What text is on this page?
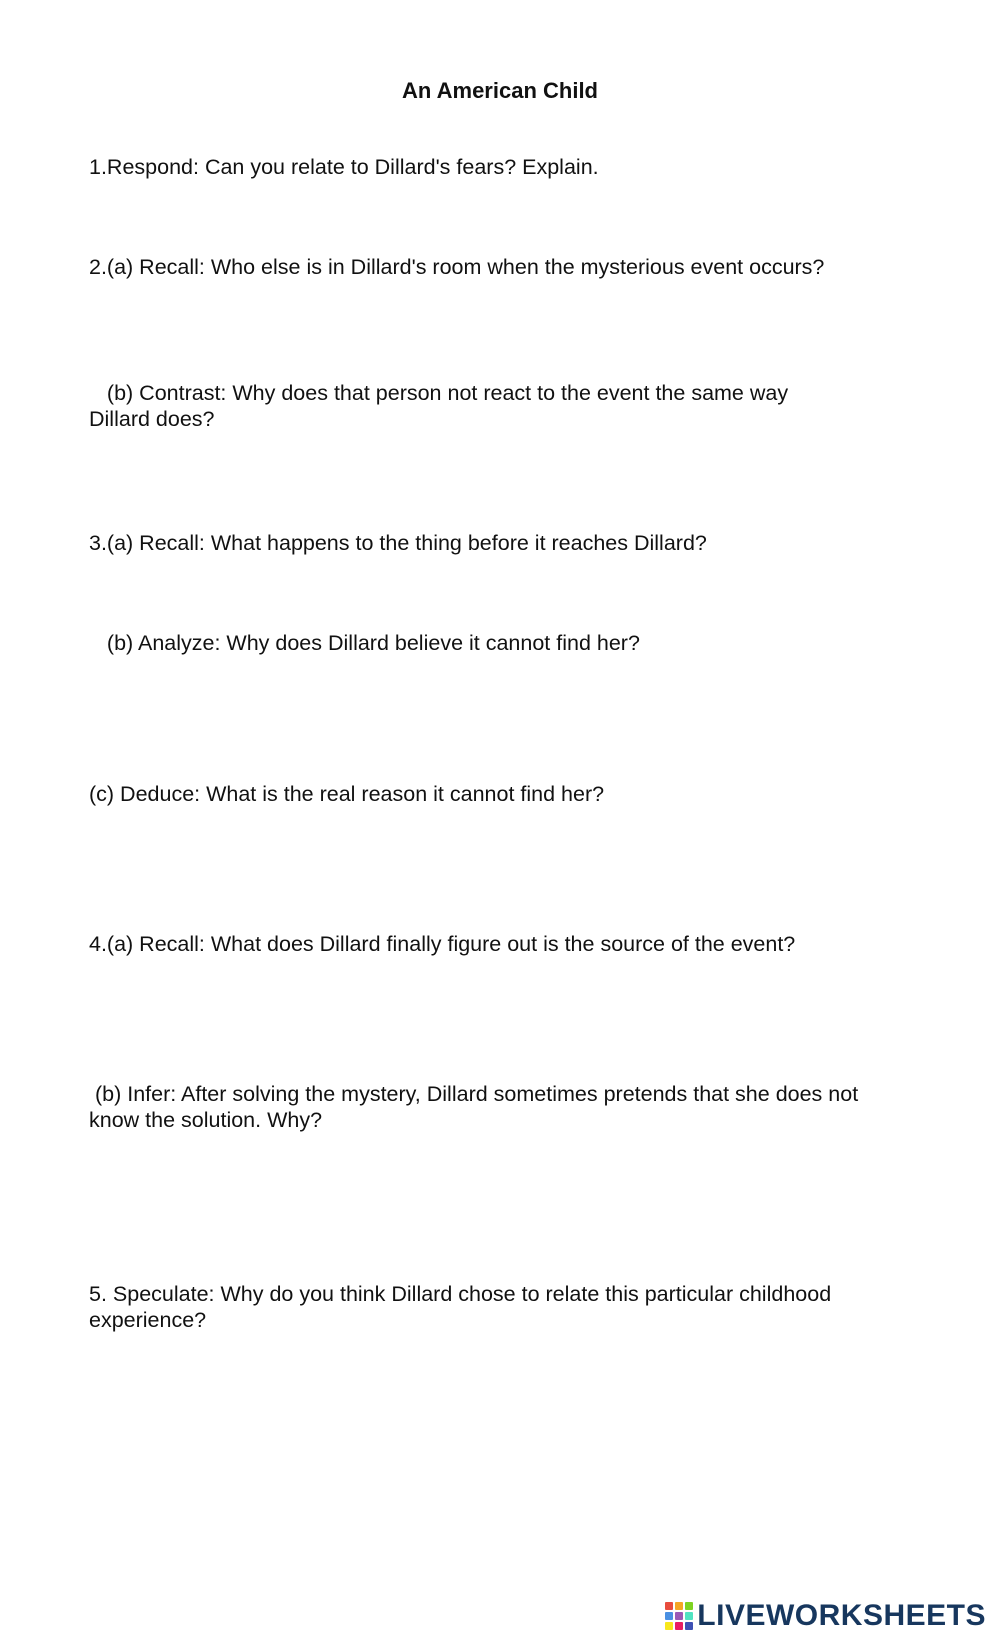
An American Child
1.Respond: Can you relate to Dillard's fears? Explain.
2.(a) Recall: Who else is in Dillard's room when the mysterious event occurs?
(b) Contrast: Why does that person not react to the event the same way
Dillard does?
3.(a) Recall: What happens to the thing before it reaches Dillard?
(b) Analyze: Why does Dillard believe it cannot find her?
(c) Deduce: What is the real reason it cannot find her?
4.(a) Recall: What does Dillard finally figure out is the source of the event?
(b) Infer: After solving the mystery, Dillard sometimes pretends that she does not
know the solution. Why?
5. Speculate: Why do you think Dillard chose to relate this particular childhood
experience?
LIVEWORKSHEETS
